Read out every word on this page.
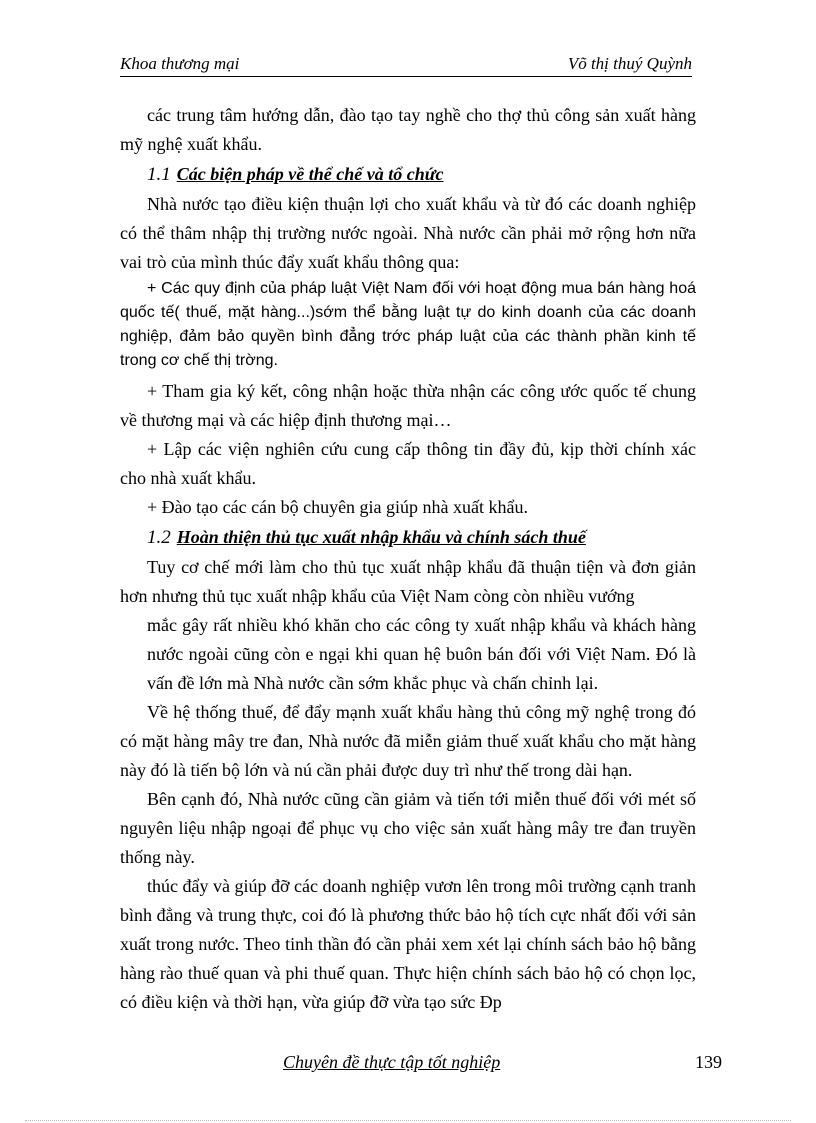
Khoa thương mại	Võ thị thuý Quỳnh

các trung tâm hướng dẫn, đào tạo tay nghề cho thợ thủ công sản xuất hàng mỹ nghệ xuất khẩu.

1.1 Các biện pháp về thể chế và tổ chức

Nhà nước tạo điều kiện thuận lợi cho xuất khẩu và từ đó các doanh nghiệp có thể thâm nhập thị trường nước ngoài. Nhà nước cần phải mở rộng hơn nữa vai trò của mình thúc đẩy xuất khẩu thông qua:

+ Các quy định của pháp luật Việt Nam đối với hoạt động mua bán hàng hoá quốc tế( thuế, mặt hàng...)sớm thể bằng luật tự do kinh doanh của các doanh nghiệp, đảm bảo quyền bình đẳng trớc pháp luật của các thành phần kinh tế trong cơ chế thị trờng.

+ Tham gia ký kết, công nhận hoặc thừa nhận các công ước quốc tế chung về thương mại và các hiệp định thương mại…

+ Lập các viện nghiên cứu cung cấp thông tin đầy đủ, kịp thời chính xác cho nhà xuất khẩu.

+ Đào tạo các cán bộ chuyên gia giúp nhà xuất khẩu.

1.2 Hoàn thiện thủ tục xuất nhập khẩu và chính sách thuế

Tuy cơ chế mới làm cho thủ tục xuất nhập khẩu đã thuận tiện và đơn giản hơn nhưng thủ tục xuất nhập khẩu của Việt Nam còng còn nhiều vướng

mắc gây rất nhiều khó khăn cho các công ty xuất nhập khẩu và khách hàng nước ngoài cũng còn e ngại khi quan hệ buôn bán đối với Việt Nam. Đó là vấn đề lớn mà Nhà nước cần sớm khắc phục và chấn chỉnh lại.

Về hệ thống thuế, để đẩy mạnh xuất khẩu hàng thủ công mỹ nghệ trong đó có mặt hàng mây tre đan, Nhà nước đã miễn giảm thuế xuất khẩu cho mặt hàng này đó là tiến bộ lớn và nú cần phải được duy trì như thế trong dài hạn.

Bên cạnh đó, Nhà nước cũng cần giảm và tiến tới miễn thuế đối với mét số nguyên liệu nhập ngoại để phục vụ cho việc sản xuất hàng mây tre đan truyền thống này.

thúc đẩy và giúp đỡ các doanh nghiệp vươn lên trong môi trường cạnh tranh bình đẳng và trung thực, coi đó là phương thức bảo hộ tích cực nhất đối với sản xuất trong nước. Theo tinh thần đó cần phải xem xét lại chính sách bảo hộ bằng hàng rào thuế quan và phi thuế quan. Thực hiện chính sách bảo hộ có chọn lọc, có điều kiện và thời hạn, vừa giúp đỡ vừa tạo sức Ðp

Chuyên đề thực tập tốt nghiệp	139
